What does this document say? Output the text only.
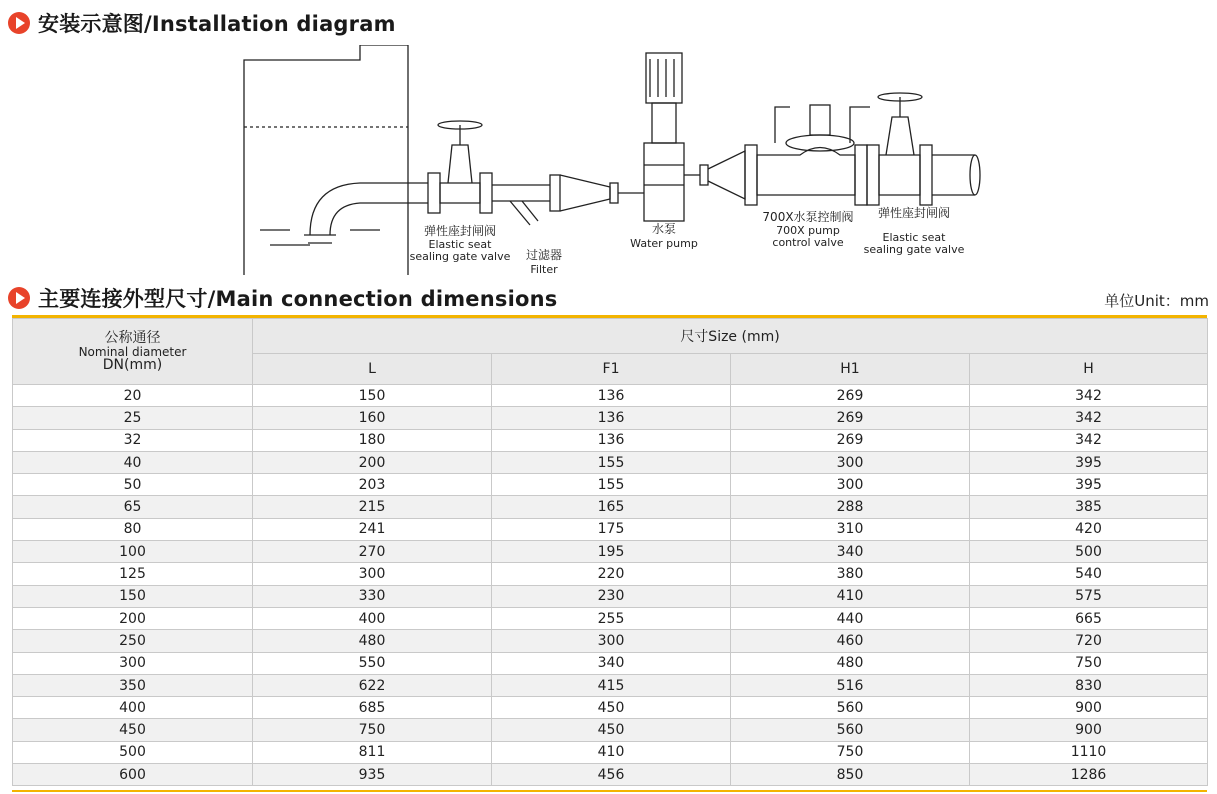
安装示意图/Installation diagram
弹性座封闸阀
Elastic seat
sealing gate valve 过滤器
Filter
水泵
Water pump
700X水泵控制阀
700X pump
control valve
弹性座封闸阀
Elastic seat
sealing gate valve
主要连接外型尺寸/Main connection dimensions	单位Unit：mm
公称通径
Nominal diameter
DN(mm)	尺寸Size (mm)			
	L	F1	H1	H
20	150	136	269	342
25	160	136	269	342
32	180	136	269	342
40	200	155	300	395
50	203	155	300	395
65	215	165	288	385
80	241	175	310	420
100	270	195	340	500
125	300	220	380	540
150	330	230	410	575
200	400	255	440	665
250	480	300	460	720
300	550	340	480	750
350	622	415	516	830
400	685	450	560	900
450	750	450	560	900
500	811	410	750	1110
600	935	456	850	1286
